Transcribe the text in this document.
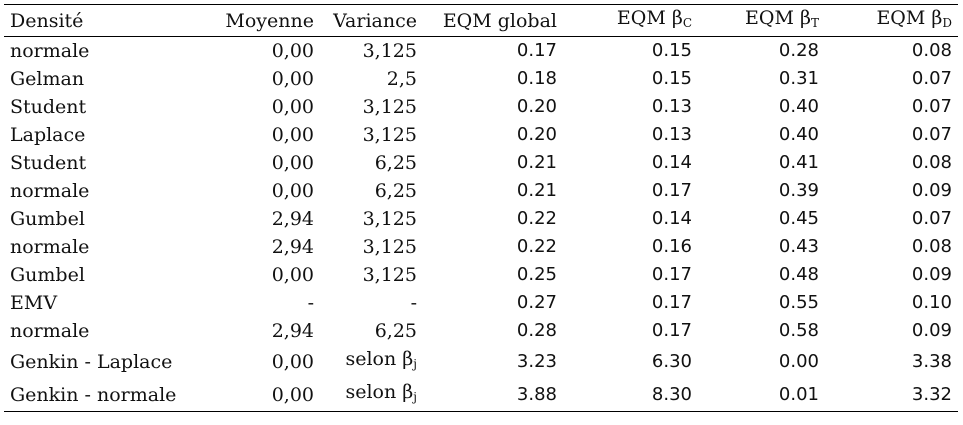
Densité	Moyenne	Variance	EQM global	EQM $\beta_C$	EQM $\beta_T$	EQM $\beta_D$
normale	0,00	3,125	0.17	0.15	0.28	0.08
Gelman	0,00	2,5	0.18	0.15	0.31	0.07
Student	0,00	3,125	0.20	0.13	0.40	0.07
Laplace	0,00	3,125	0.20	0.13	0.40	0.07
Student	0,00	6,25	0.21	0.14	0.41	0.08
normale	0,00	6,25	0.21	0.17	0.39	0.09
Gumbel	2,94	3,125	0.22	0.14	0.45	0.07
normale	2,94	3,125	0.22	0.16	0.43	0.08
Gumbel	0,00	3,125	0.25	0.17	0.48	0.09
EMV	-	-	0.27	0.17	0.55	0.10
normale	2,94	6,25	0.28	0.17	0.58	0.09
Genkin - Laplace	0,00	selon $\beta_j$	3.23	6.30	0.00	3.38
Genkin - normale	0,00	selon $\beta_j$	3.88	8.30	0.01	3.32
